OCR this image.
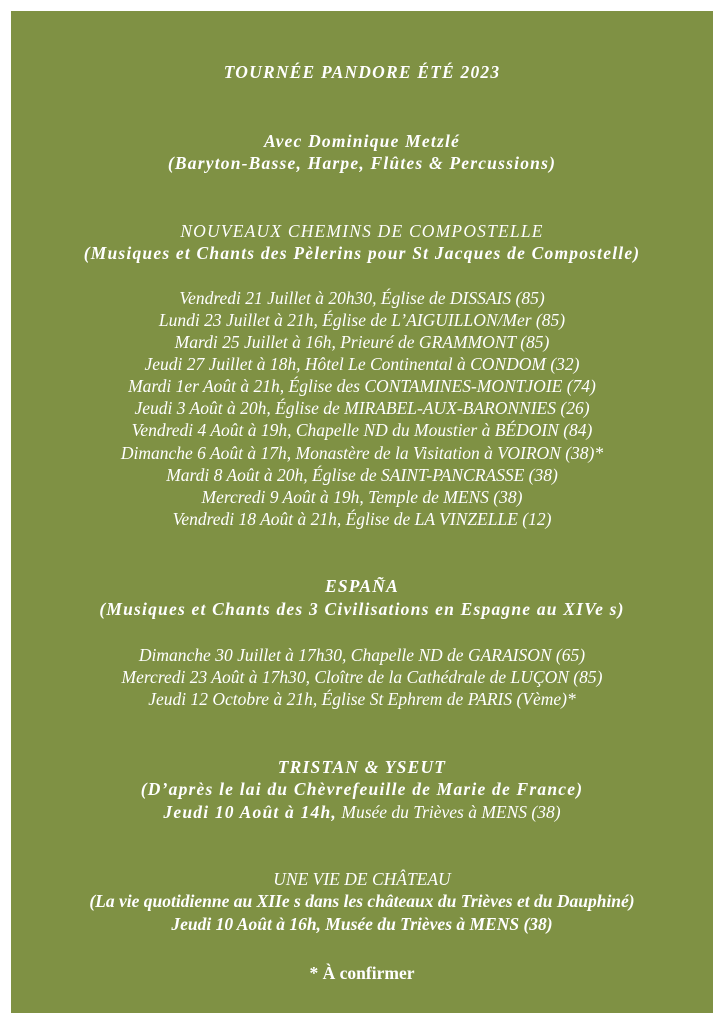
TOURNÉE PANDORE ÉTÉ 2023
Avec Dominique Metzlé
(Baryton-Basse, Harpe, Flûtes & Percussions)
NOUVEAUX CHEMINS DE COMPOSTELLE
(Musiques et Chants des Pèlerins pour St Jacques de Compostelle)
Vendredi 21 Juillet à 20h30, Église de DISSAIS (85)
Lundi 23 Juillet à 21h, Église de L’AIGUILLON/Mer (85)
Mardi 25 Juillet à 16h, Prieuré de GRAMMONT (85)
Jeudi 27 Juillet à 18h, Hôtel Le Continental à CONDOM (32)
Mardi 1er Août à 21h, Église des CONTAMINES-MONTJOIE (74)
Jeudi 3 Août à 20h, Église de MIRABEL-AUX-BARONNIES (26)
Vendredi 4 Août à 19h, Chapelle ND du Moustier à BÉDOIN (84)
Dimanche 6 Août à 17h, Monastère de la Visitation à VOIRON (38)*
Mardi 8 Août à 20h, Église de SAINT-PANCRASSE (38)
Mercredi 9 Août à 19h, Temple de MENS (38)
Vendredi 18 Août à 21h, Église de LA VINZELLE (12)
ESPAÑA
(Musiques et Chants des 3 Civilisations en Espagne au XIVe s)
Dimanche 30 Juillet à 17h30, Chapelle ND de GARAISON (65)
Mercredi 23 Août à 17h30, Cloître de la Cathédrale de LUÇON (85)
Jeudi 12 Octobre à 21h, Église St Ephrem de PARIS (Vème)*
TRISTAN & YSEUT
(D’après le lai du Chèvrefeuille de Marie de France)
Jeudi 10 Août à 14h, Musée du Trièves à MENS (38)
UNE VIE DE CHÂTEAU
(La vie quotidienne au XIIe s dans les châteaux du Trièves et du Dauphiné)
Jeudi 10 Août à 16h, Musée du Trièves à MENS (38)
* À confirmer
